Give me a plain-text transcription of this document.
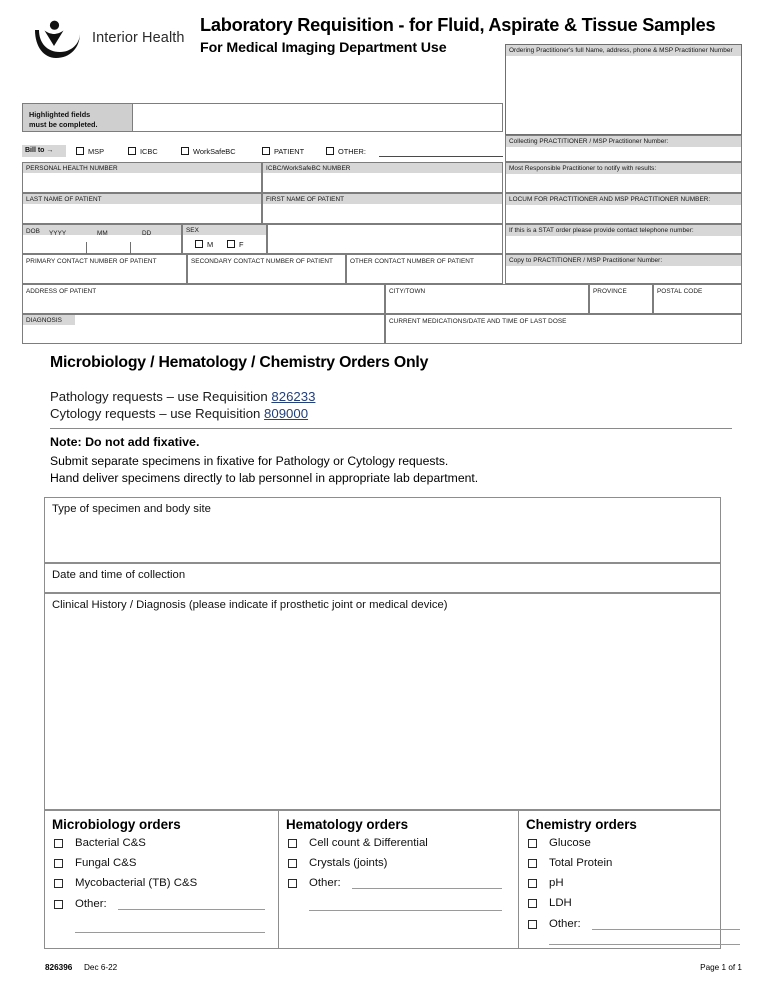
Interior Health
Laboratory Requisition - for Fluid, Aspirate & Tissue Samples
For Medical Imaging Department Use	Ordering Practitioner's full Name, address, phone & MSP Practitioner Number
Highlighted fields
must be completed.
Bill to →	MSP	ICBC	WorkSafeBC	PATIENT	OTHER:
PERSONAL HEALTH NUMBER	ICBC/WorkSafeBC NUMBER
LAST NAME OF PATIENT	FIRST NAME OF PATIENT
DOB YYYY	MM	DD	SEX
M	F
PRIMARY CONTACT NUMBER OF PATIENT	SECONDARY CONTACT NUMBER OF PATIENT	OTHER CONTACT NUMBER OF PATIENT
ADDRESS OF PATIENT	CITY/TOWN	PROVINCE	POSTAL CODE
DIAGNOSIS	CURRENT MEDICATIONS/DATE AND TIME OF LAST DOSE
Collecting PRACTITIONER / MSP Practitioner Number:
Most Responsible Practitioner to notify with results:
LOCUM FOR PRACTITIONER AND MSP PRACTITIONER NUMBER:
If this is a STAT order please provide contact telephone number:
Copy to PRACTITIONER / MSP Practitioner Number:
Microbiology / Hematology / Chemistry Orders Only
Pathology requests – use Requisition 826233
Cytology requests – use Requisition 809000
Note: Do not add fixative.
Submit separate specimens in fixative for Pathology or Cytology requests.
Hand deliver specimens directly to lab personnel in appropriate lab department.
Type of specimen and body site
Date and time of collection
Clinical History / Diagnosis (please indicate if prosthetic joint or medical device)
Microbiology orders
Bacterial C&S
Fungal C&S
Mycobacterial (TB) C&S
Other:
Hematology orders
Cell count & Differential
Crystals (joints)
Other:
Chemistry orders
Glucose
Total Protein
pH
LDH
Other:
826396 Dec 6-22	Page 1 of 1
